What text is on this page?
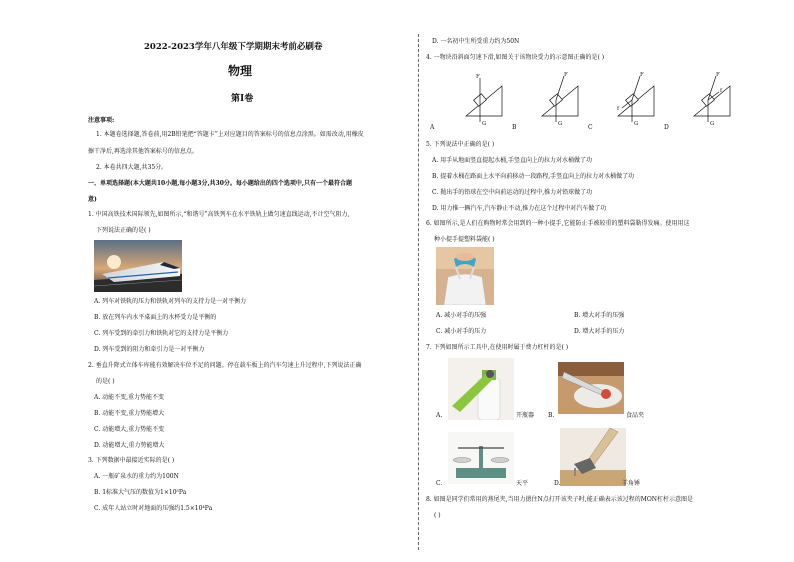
2022-2023学年八年级下学期期末考前必刷卷
物理
第Ⅰ卷
注意事项:
1. 本题卷选择题,答卷前,用2B铅笔把“答题卡”上对应题目的答案标号的信息点涂黑。如需改动,用橡皮
擦干净后,再选涂其他答案标号的信息点。
2. 本卷共四大题,共35分。
一、单项选择题(本大题共10小题,每小题3分,共30分。每小题给出的四个选项中,只有一个最符合题
意)
1. 中国高铁技术国际领先,如图所示,“和谐号”高铁列车在水平铁轨上做匀速直线运动,不计空气阻力,
下列说法正确的是( )
A. 列车对铁轨的压力和铁轨对列车的支持力是一对平衡力
B. 放在列车内水平桌面上的水杯受力是平衡的
C. 列车受到的牵引力和铁轨对它的支持力是平衡力
D. 列车受到的阻力和牵引力是一对平衡力
2. 垂直升降式立体车库能有效解决车位不足的问题。停在载车板上的汽车匀速上升过程中,下列说法正确
的是( )
A. 动能不变,重力势能不变
B. 动能不变,重力势能增大
C. 动能增大,重力势能不变
D. 动能增大,重力势能增大
3. 下列数据中最接近实际的是( )
A. 一瓶矿泉水的重力约为100N
B. 1标准大气压的数值为1×10⁵Pa
C. 成年人站立时对地面的压强约1.5×10⁴Pa
D. 一名初中生所受重力约为50N
4. 一物块沿斜面匀速下滑,如图关于该物块受力的示意图正确的是( )
F
G
F
G
F
G
f
F
G
f
A	B	C	D
5. 下列说法中正确的是( )
A. 用手从地面竖直提起水桶,手竖直向上的拉力对水桶做了功
B. 提着水桶在路面上水平向前移动一段路程,手竖直向上的拉力对水桶做了功
C. 抛出手的铅球在空中向前运动的过程中,推力对铅球做了功
D. 用力推一辆汽车,汽车静止不动,推力在这个过程中对汽车做了功
6. 如图所示,是人们在购物时常会用到的一种小提手,它能防止手被较重的塑料袋勒得发痛。使用用这
种小提手提塑料袋能( )
A. 减小对手的压强	B. 增大对手的压强
C. 减小对手的压力	D. 增大对手的压力
7. 下列如图所示工具中,在使用时属于费力杠杆的是( )
A.	开瓶器 B.	食品夹
C.	天平	D.	羊角锤
8. 如图是同学们常用的燕尾夹,当用力摁住N点打开该夹子时,能正确表示该过程的MON杠杆示意图是
( )
